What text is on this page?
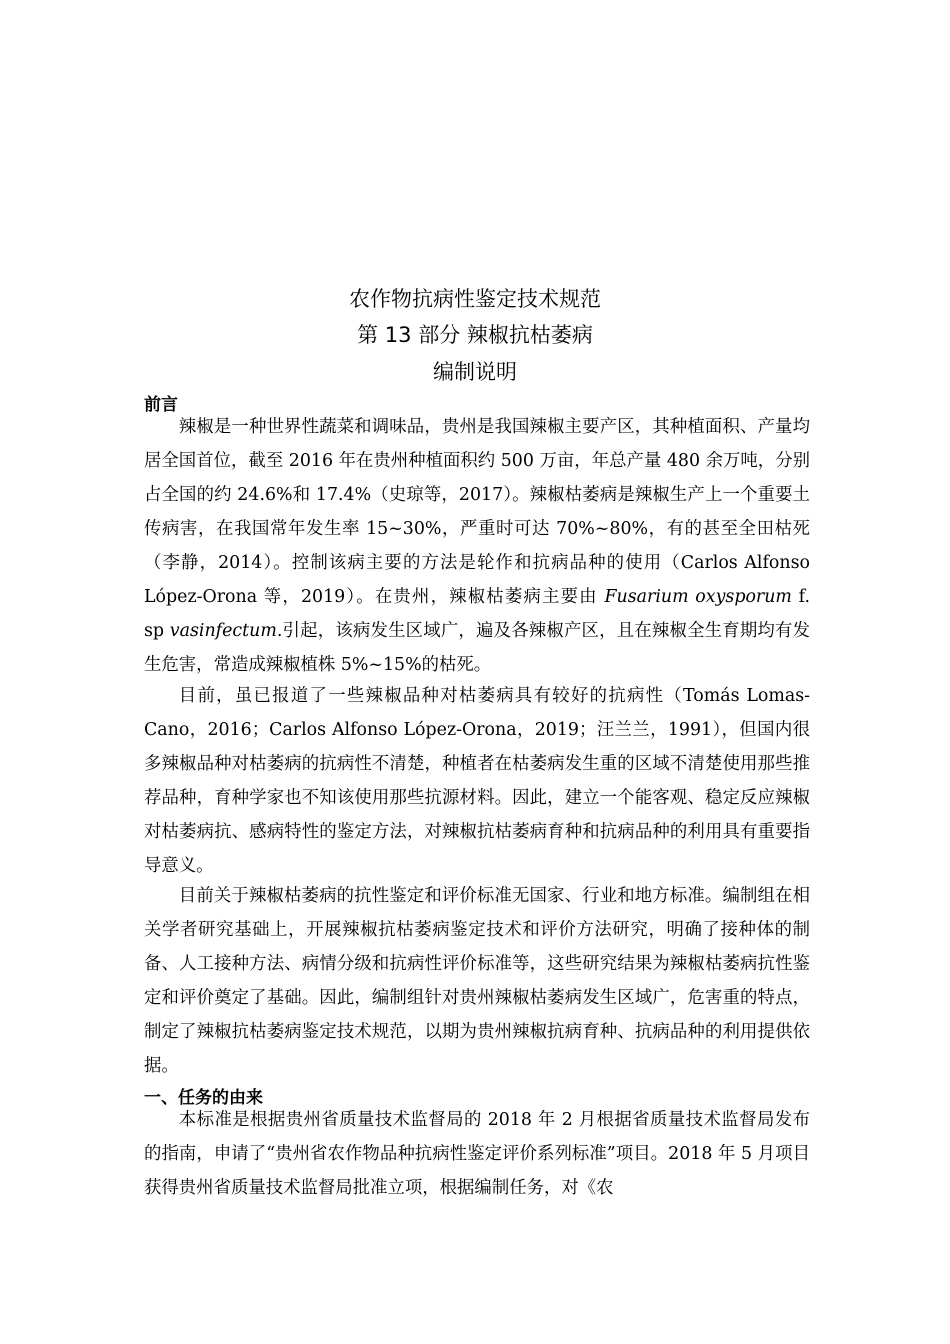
农作物抗病性鉴定技术规范
第 13 部分 辣椒抗枯萎病
编制说明
前言

辣椒是一种世界性蔬菜和调味品，贵州是我国辣椒主要产区，其种植面积、产量均居全国首位，截至 2016 年在贵州种植面积约 500 万亩，年总产量 480 余万吨，分别占全国的约 24.6%和 17.4%（史琼等，2017）。辣椒枯萎病是辣椒生产上一个重要土传病害，在我国常年发生率 15~30%，严重时可达 70%~80%，有的甚至全田枯死（李静，2014）。控制该病主要的方法是轮作和抗病品种的使用（Carlos Alfonso López-Orona 等，2019）。在贵州，辣椒枯萎病主要由 Fusarium oxysporum f. sp vasinfectum.引起，该病发生区域广，遍及各辣椒产区，且在辣椒全生育期均有发生危害，常造成辣椒植株 5%~15%的枯死。

目前，虽已报道了一些辣椒品种对枯萎病具有较好的抗病性（Tomás Lomas-Cano，2016；Carlos Alfonso López-Orona，2019；汪兰兰，1991），但国内很多辣椒品种对枯萎病的抗病性不清楚，种植者在枯萎病发生重的区域不清楚使用那些推荐品种，育种学家也不知该使用那些抗源材料。因此，建立一个能客观、稳定反应辣椒对枯萎病抗、感病特性的鉴定方法，对辣椒抗枯萎病育种和抗病品种的利用具有重要指导意义。

目前关于辣椒枯萎病的抗性鉴定和评价标准无国家、行业和地方标准。编制组在相关学者研究基础上，开展辣椒抗枯萎病鉴定技术和评价方法研究，明确了接种体的制备、人工接种方法、病情分级和抗病性评价标准等，这些研究结果为辣椒枯萎病抗性鉴定和评价奠定了基础。因此，编制组针对贵州辣椒枯萎病发生区域广，危害重的特点，制定了辣椒抗枯萎病鉴定技术规范，以期为贵州辣椒抗病育种、抗病品种的利用提供依据。

一、任务的由来

本标准是根据贵州省质量技术监督局的 2018 年 2 月根据省质量技术监督局发布的指南，申请了“贵州省农作物品种抗病性鉴定评价系列标准”项目。2018 年 5 月项目获得贵州省质量技术监督局批准立项，根据编制任务，对《农
